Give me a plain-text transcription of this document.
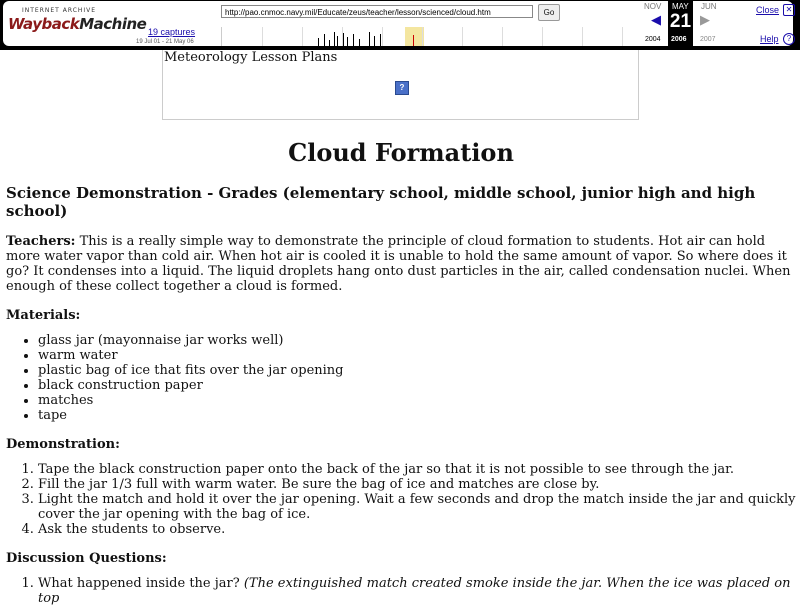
INTERNET ARCHIVE
WaybackMachine 19 captures
19 Jul 01 - 21 May 06
http://pao.cnmoc.navy.mil/Educate/zeus/teacher/lesson/scienced/cloud.htm	Go
NOV MAY
21
JUN
◀	▶
2004 2006 2007
Close ✕
Help	?
Meteorology Lesson Plans
?
Cloud Formation
Science Demonstration - Grades (elementary school, middle school, junior high and high school)

Teachers: This is a really simple way to demonstrate the principle of cloud formation to students. Hot air can hold more water vapor than cold air. When hot air is cooled it is unable to hold the same amount of vapor. So where does it go? It condenses into a liquid. The liquid droplets hang onto dust particles in the air, called condensation nuclei. When enough of these collect together a cloud is formed.

Materials:
• glass jar (mayonnaise jar works well)
• warm water
• plastic bag of ice that fits over the jar opening
• black construction paper
• matches
• tape
Demonstration:
1. Tape the black construction paper onto the back of the jar so that it is not possible to see through the jar.
2. Fill the jar 1/3 full with warm water. Be sure the bag of ice and matches are close by.
3. Light the match and hold it over the jar opening. Wait a few seconds and drop the match inside the jar and quickly cover the jar opening with the bag of ice.
4. Ask the students to observe.
Discussion Questions:
1. What happened inside the jar? (The extinguished match created smoke inside the jar. When the ice was placed on top
